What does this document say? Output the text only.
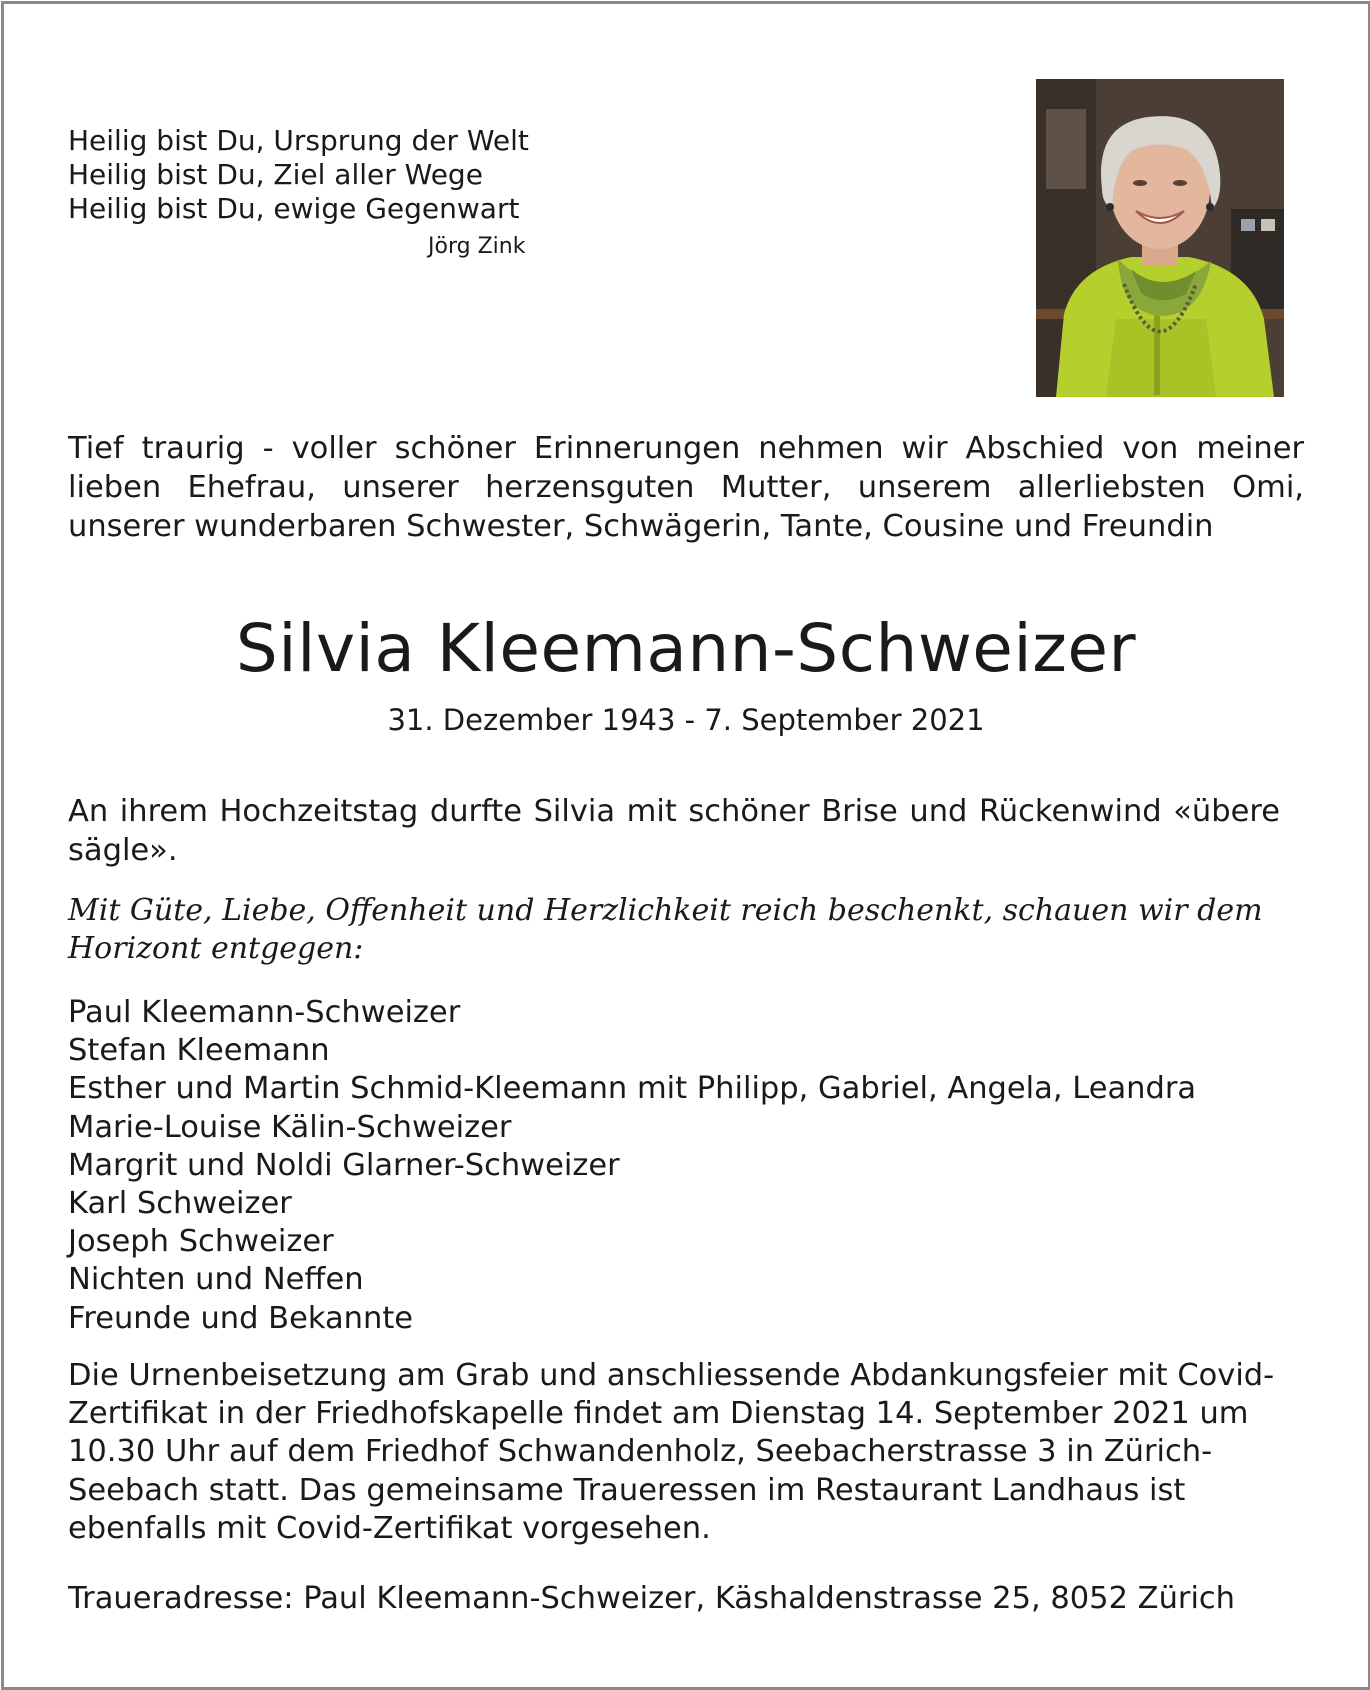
Heilig bist Du, Ursprung der Welt
Heilig bist Du, Ziel aller Wege
Heilig bist Du, ewige Gegenwart
Jörg Zink
Tief traurig - voller schöner Erinnerungen nehmen wir Abschied von meiner lieben Ehefrau, unserer herzensguten Mutter, unserem allerliebsten Omi, unserer wunderbaren Schwester, Schwägerin, Tante, Cousine und Freundin
Silvia Kleemann-Schweizer
31. Dezember 1943 - 7. September 2021
An ihrem Hochzeitstag durfte Silvia mit schöner Brise und Rückenwind «übere sägle».
Mit Güte, Liebe, Offenheit und Herzlichkeit reich beschenkt, schauen wir dem Horizont entgegen:
Paul Kleemann-Schweizer
Stefan Kleemann
Esther und Martin Schmid-Kleemann mit Philipp, Gabriel, Angela, Leandra
Marie-Louise Kälin-Schweizer
Margrit und Noldi Glarner-Schweizer
Karl Schweizer
Joseph Schweizer
Nichten und Neffen
Freunde und Bekannte
Die Urnenbeisetzung am Grab und anschliessende Abdankungsfeier mit Covid-Zertifikat in der Friedhofskapelle findet am Dienstag 14. September 2021 um 10.30 Uhr auf dem Friedhof Schwandenholz, Seebacherstrasse 3 in Zürich-Seebach statt. Das gemeinsame Traueressen im Restaurant Landhaus ist ebenfalls mit Covid-Zertifikat vorgesehen.
Traueradresse: Paul Kleemann-Schweizer, Käshaldenstrasse 25, 8052 Zürich
